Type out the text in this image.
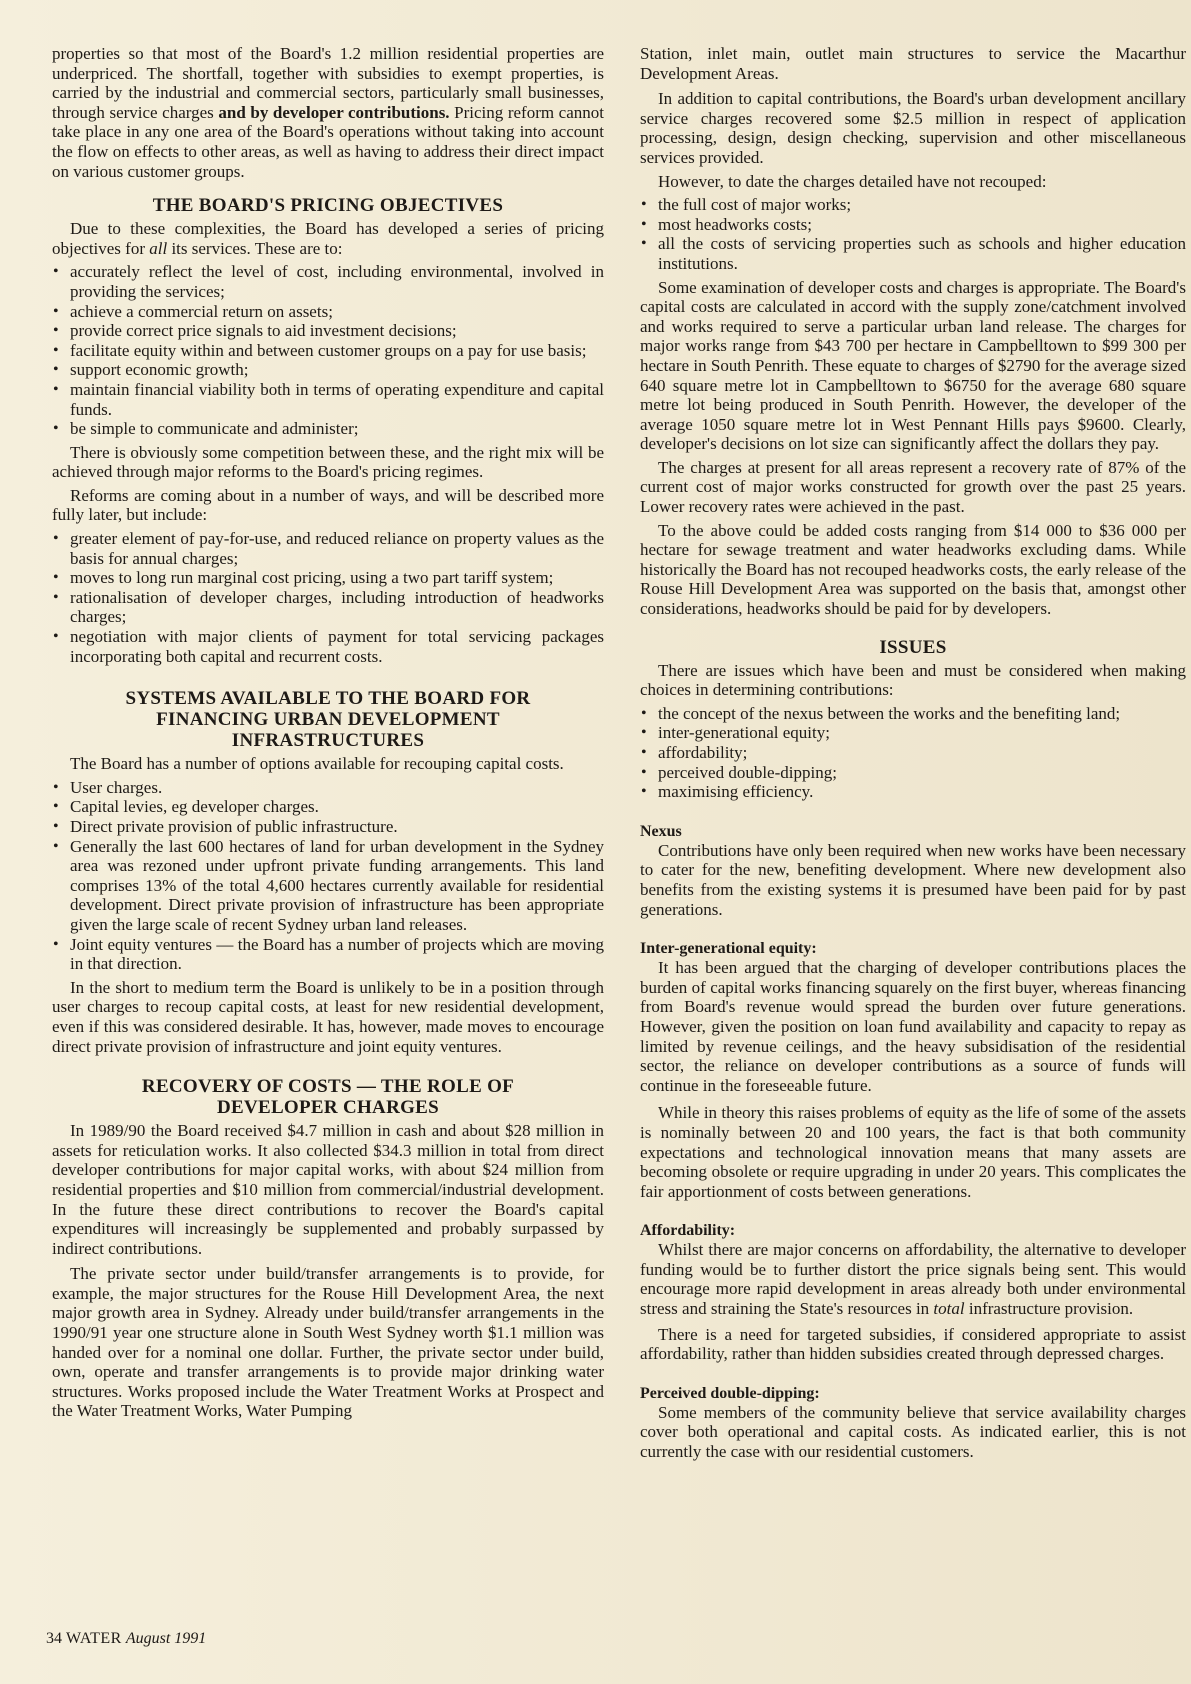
properties so that most of the Board's 1.2 million residential properties are underpriced. The shortfall, together with subsidies to exempt properties, is carried by the industrial and commercial sectors, particularly small businesses, through service charges and by developer contributions. Pricing reform cannot take place in any one area of the Board's operations without taking into account the flow on effects to other areas, as well as having to address their direct impact on various customer groups.

THE BOARD'S PRICING OBJECTIVES

Due to these complexities, the Board has developed a series of pricing objectives for all its services. These are to:

• accurately reflect the level of cost, including environmental, involved in providing the services;
• achieve a commercial return on assets;
• provide correct price signals to aid investment decisions;
• facilitate equity within and between customer groups on a pay for use basis;
• support economic growth;
• maintain financial viability both in terms of operating expenditure and capital funds.
• be simple to communicate and administer;

There is obviously some competition between these, and the right mix will be achieved through major reforms to the Board's pricing regimes.

Reforms are coming about in a number of ways, and will be described more fully later, but include:

• greater element of pay-for-use, and reduced reliance on property values as the basis for annual charges;
• moves to long run marginal cost pricing, using a two part tariff system;
• rationalisation of developer charges, including introduction of headworks charges;
• negotiation with major clients of payment for total servicing packages incorporating both capital and recurrent costs.
SYSTEMS AVAILABLE TO THE BOARD FOR FINANCING URBAN DEVELOPMENT INFRASTRUCTURES

The Board has a number of options available for recouping capital costs.

• User charges.
• Capital levies, eg developer charges.
• Direct private provision of public infrastructure.
• Generally the last 600 hectares of land for urban development in the Sydney area was rezoned under upfront private funding arrangements. This land comprises 13% of the total 4,600 hectares currently available for residential development. Direct private provision of infrastructure has been appropriate given the large scale of recent Sydney urban land releases.
• Joint equity ventures — the Board has a number of projects which are moving in that direction.

In the short to medium term the Board is unlikely to be in a position through user charges to recoup capital costs, at least for new residential development, even if this was considered desirable. It has, however, made moves to encourage direct private provision of infrastructure and joint equity ventures.

RECOVERY OF COSTS — THE ROLE OF DEVELOPER CHARGES

In 1989/90 the Board received $4.7 million in cash and about $28 million in assets for reticulation works. It also collected $34.3 million in total from direct developer contributions for major capital works, with about $24 million from residential properties and $10 million from commercial/industrial development. In the future these direct contributions to recover the Board's capital expenditures will increasingly be supplemented and probably surpassed by indirect contributions.

The private sector under build/transfer arrangements is to provide, for example, the major structures for the Rouse Hill Development Area, the next major growth area in Sydney. Already under build/transfer arrangements in the 1990/91 year one structure alone in South West Sydney worth $1.1 million was handed over for a nominal one dollar. Further, the private sector under build, own, operate and transfer arrangements is to provide major drinking water structures. Works proposed include the Water Treatment Works at Prospect and the Water Treatment Works, Water Pumping

Station, inlet main, outlet main structures to service the Macarthur Development Areas.

In addition to capital contributions, the Board's urban development ancillary service charges recovered some $2.5 million in respect of application processing, design, design checking, supervision and other miscellaneous services provided.

However, to date the charges detailed have not recouped:

• the full cost of major works;
• most headworks costs;
• all the costs of servicing properties such as schools and higher education institutions.

Some examination of developer costs and charges is appropriate. The Board's capital costs are calculated in accord with the supply zone/catchment involved and works required to serve a particular urban land release. The charges for major works range from $43 700 per hectare in Campbelltown to $99 300 per hectare in South Penrith. These equate to charges of $2790 for the average sized 640 square metre lot in Campbelltown to $6750 for the average 680 square metre lot being produced in South Penrith. However, the developer of the average 1050 square metre lot in West Pennant Hills pays $9600. Clearly, developer's decisions on lot size can significantly affect the dollars they pay.

The charges at present for all areas represent a recovery rate of 87% of the current cost of major works constructed for growth over the past 25 years. Lower recovery rates were achieved in the past.

To the above could be added costs ranging from $14 000 to $36 000 per hectare for sewage treatment and water headworks excluding dams. While historically the Board has not recouped headworks costs, the early release of the Rouse Hill Development Area was supported on the basis that, amongst other considerations, headworks should be paid for by developers.

ISSUES

There are issues which have been and must be considered when making choices in determining contributions:

• the concept of the nexus between the works and the benefiting land;
• inter-generational equity;
• affordability;
• perceived double-dipping;
• maximising efficiency.
Nexus

Contributions have only been required when new works have been necessary to cater for the new, benefiting development. Where new development also benefits from the existing systems it is presumed have been paid for by past generations.

Inter-generational equity:

It has been argued that the charging of developer contributions places the burden of capital works financing squarely on the first buyer, whereas financing from Board's revenue would spread the burden over future generations. However, given the position on loan fund availability and capacity to repay as limited by revenue ceilings, and the heavy subsidisation of the residential sector, the reliance on developer contributions as a source of funds will continue in the foreseeable future.

While in theory this raises problems of equity as the life of some of the assets is nominally between 20 and 100 years, the fact is that both community expectations and technological innovation means that many assets are becoming obsolete or require upgrading in under 20 years. This complicates the fair apportionment of costs between generations.

Affordability:

Whilst there are major concerns on affordability, the alternative to developer funding would be to further distort the price signals being sent. This would encourage more rapid development in areas already both under environmental stress and straining the State's resources in total infrastructure provision.

There is a need for targeted subsidies, if considered appropriate to assist affordability, rather than hidden subsidies created through depressed charges.

Perceived double-dipping:

Some members of the community believe that service availability charges cover both operational and capital costs. As indicated earlier, this is not currently the case with our residential customers.

34 WATER August 1991
